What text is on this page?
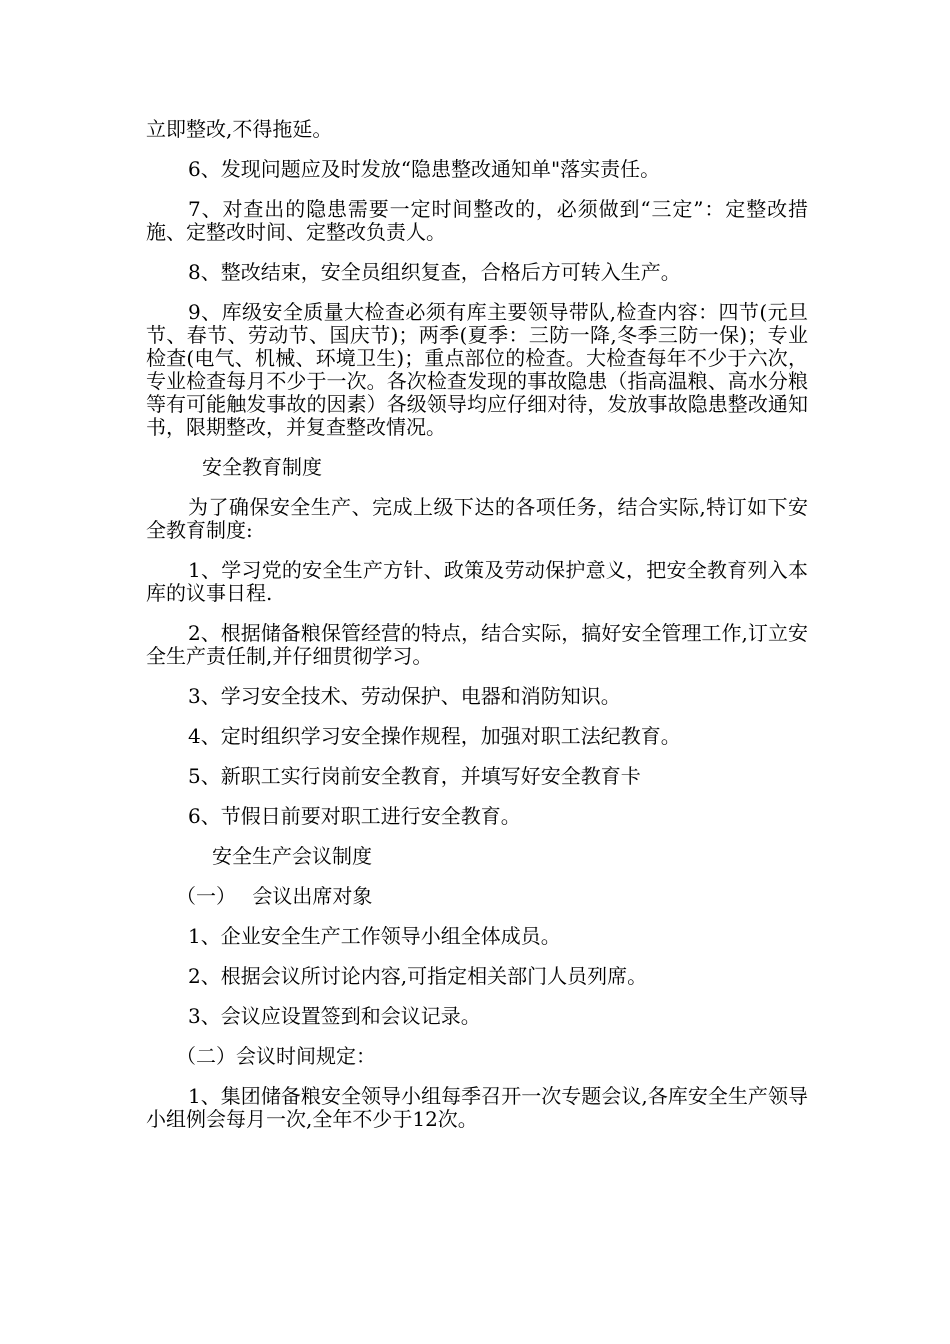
立即整改,不得拖延。

6、发现问题应及时发放“隐患整改通知单"落实责任。

7、对查出的隐患需要一定时间整改的，必须做到“三定”：定整改措施、定整改时间、定整改负责人。

8、整改结束，安全员组织复查，合格后方可转入生产。

9、库级安全质量大检查必须有库主要领导带队,检查内容：四节(元旦节、春节、劳动节、国庆节)；两季(夏季：三防一降,冬季三防一保)；专业检查(电气、机械、环境卫生)；重点部位的检查。大检查每年不少于六次，专业检查每月不少于一次。各次检查发现的事故隐患（指高温粮、高水分粮等有可能触发事故的因素）各级领导均应仔细对待，发放事故隐患整改通知书，限期整改，并复查整改情况。

安全教育制度

为了确保安全生产、完成上级下达的各项任务，结合实际,特订如下安全教育制度:

1、学习党的安全生产方针、政策及劳动保护意义，把安全教育列入本库的议事日程.

2、根据储备粮保管经营的特点，结合实际，搞好安全管理工作,订立安全生产责任制,并仔细贯彻学习。

3、学习安全技术、劳动保护、电器和消防知识。

4、定时组织学习安全操作规程，加强对职工法纪教育。

5、新职工实行岗前安全教育，并填写好安全教育卡

6、节假日前要对职工进行安全教育。

安全生产会议制度

（一） 会议出席对象

1、企业安全生产工作领导小组全体成员。

2、根据会议所讨论内容,可指定相关部门人员列席。

3、会议应设置签到和会议记录。

（二）会议时间规定：

1、集团储备粮安全领导小组每季召开一次专题会议,各库安全生产领导小组例会每月一次,全年不少于12次。
